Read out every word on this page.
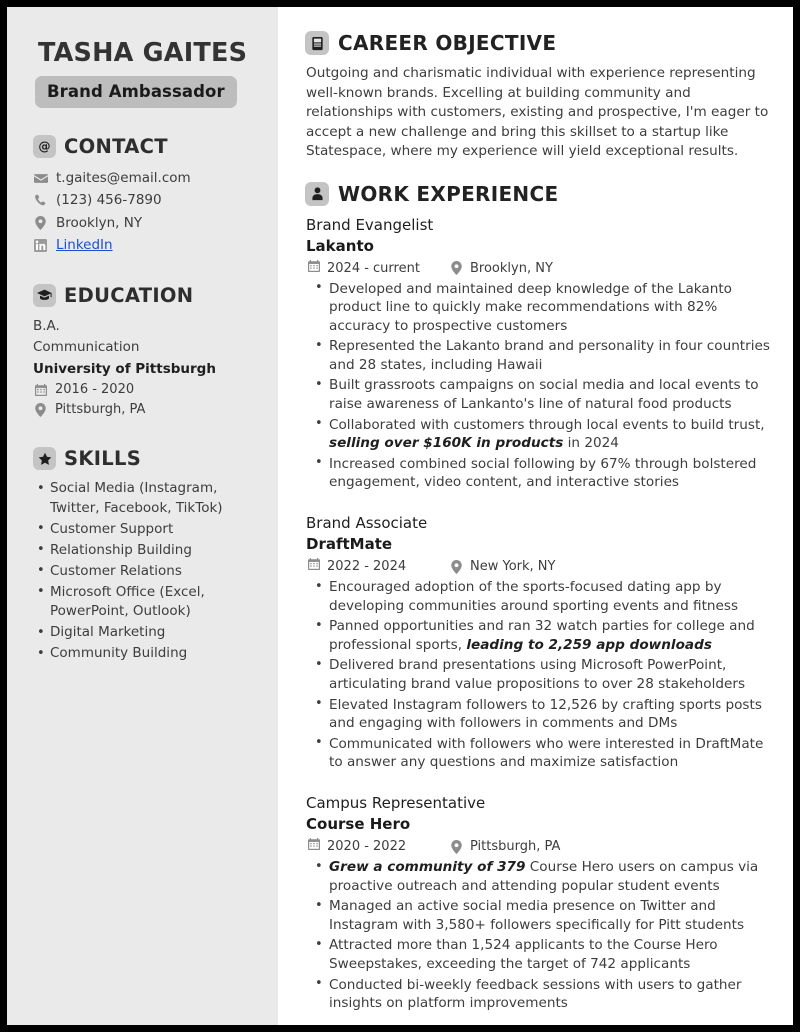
TASHA GAITES
Brand Ambassador
@ CONTACT
t.gaites@email.com
(123) 456-7890
Brooklyn, NY
LinkedIn
EDUCATION
B.A.
Communication
University of Pittsburgh
2016 - 2020
Pittsburgh, PA
SKILLS
• Social Media (Instagram, Twitter, Facebook, TikTok)
• Customer Support
• Relationship Building
• Customer Relations
• Microsoft Office (Excel, PowerPoint, Outlook)
• Digital Marketing
• Community Building
CAREER OBJECTIVE

Outgoing and charismatic individual with experience representing well-known brands. Excelling at building community and relationships with customers, existing and prospective, I'm eager to accept a new challenge and bring this skillset to a startup like Statespace, where my experience will yield exceptional results.

WORK EXPERIENCE
Brand Evangelist
Lakanto
2024 - current	Brooklyn, NY
• Developed and maintained deep knowledge of the Lakanto product line to quickly make recommendations with 82% accuracy to prospective customers
• Represented the Lakanto brand and personality in four countries and 28 states, including Hawaii
• Built grassroots campaigns on social media and local events to raise awareness of Lankanto's line of natural food products
• Collaborated with customers through local events to build trust, selling over $160K in products in 2024
• Increased combined social following by 67% through bolstered engagement, video content, and interactive stories
Brand Associate
DraftMate
2022 - 2024	New York, NY
• Encouraged adoption of the sports-focused dating app by developing communities around sporting events and fitness
• Panned opportunities and ran 32 watch parties for college and professional sports, leading to 2,259 app downloads
• Delivered brand presentations using Microsoft PowerPoint, articulating brand value propositions to over 28 stakeholders
• Elevated Instagram followers to 12,526 by crafting sports posts and engaging with followers in comments and DMs
• Communicated with followers who were interested in DraftMate to answer any questions and maximize satisfaction
Campus Representative
Course Hero
2020 - 2022	Pittsburgh, PA
• Grew a community of 379 Course Hero users on campus via proactive outreach and attending popular student events
• Managed an active social media presence on Twitter and Instagram with 3,580+ followers specifically for Pitt students
• Attracted more than 1,524 applicants to the Course Hero Sweepstakes, exceeding the target of 742 applicants
• Conducted bi-weekly feedback sessions with users to gather insights on platform improvements
